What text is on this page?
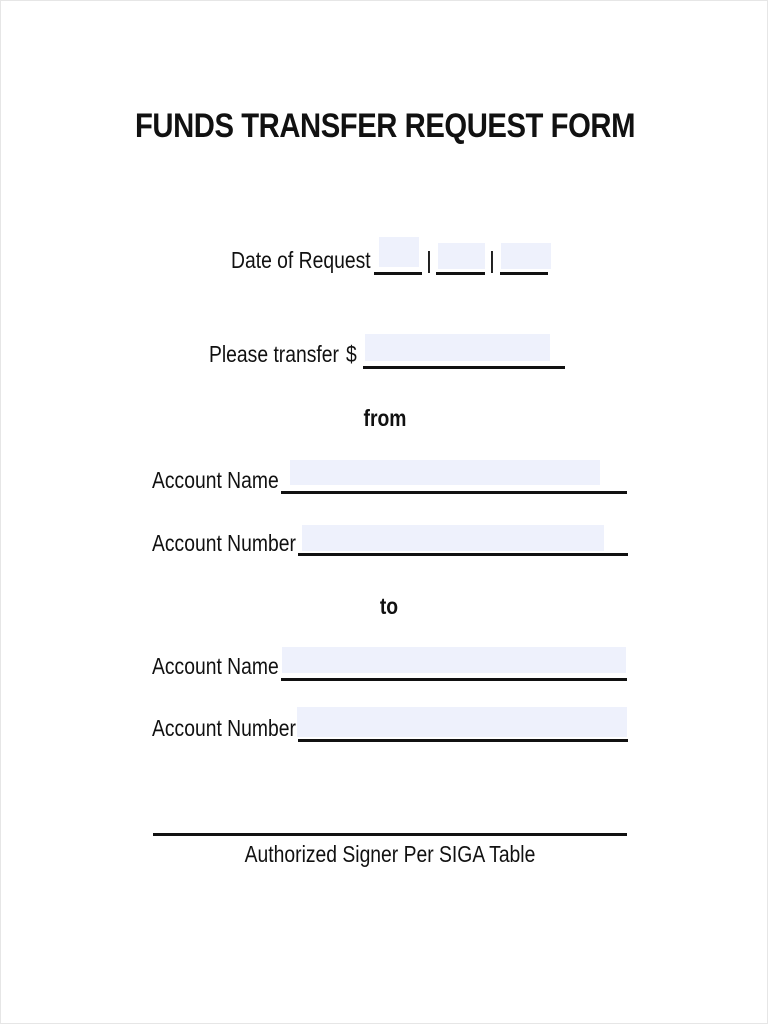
FUNDS TRANSFER REQUEST FORM
Date of Request | |
Please transfer $
from
Account Name
Account Number
to
Account Name
Account Number
Authorized Signer Per SIGA Table
